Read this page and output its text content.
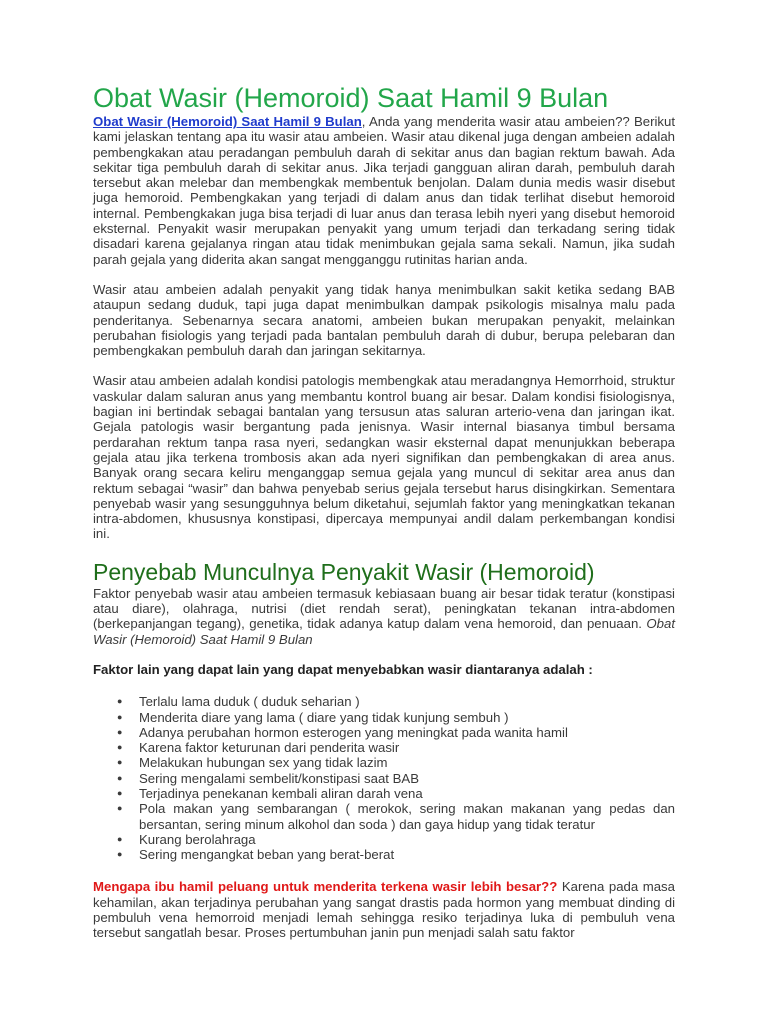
Obat Wasir (Hemoroid) Saat Hamil 9 Bulan

Obat Wasir (Hemoroid) Saat Hamil 9 Bulan, Anda yang menderita wasir atau ambeien?? Berikut kami jelaskan tentang apa itu wasir atau ambeien. Wasir atau dikenal juga dengan ambeien adalah pembengkakan atau peradangan pembuluh darah di sekitar anus dan bagian rektum bawah. Ada sekitar tiga pembuluh darah di sekitar anus. Jika terjadi gangguan aliran darah, pembuluh darah tersebut akan melebar dan membengkak membentuk benjolan. Dalam dunia medis wasir disebut juga hemoroid. Pembengkakan yang terjadi di dalam anus dan tidak terlihat disebut hemoroid internal. Pembengkakan juga bisa terjadi di luar anus dan terasa lebih nyeri yang disebut hemoroid eksternal. Penyakit wasir merupakan penyakit yang umum terjadi dan terkadang sering tidak disadari karena gejalanya ringan atau tidak menimbukan gejala sama sekali. Namun, jika sudah parah gejala yang diderita akan sangat mengganggu rutinitas harian anda.

Wasir atau ambeien adalah penyakit yang tidak hanya menimbulkan sakit ketika sedang BAB ataupun sedang duduk, tapi juga dapat menimbulkan dampak psikologis misalnya malu pada penderitanya. Sebenarnya secara anatomi, ambeien bukan merupakan penyakit, melainkan perubahan fisiologis yang terjadi pada bantalan pembuluh darah di dubur, berupa pelebaran dan pembengkakan pembuluh darah dan jaringan sekitarnya.

Wasir atau ambeien adalah kondisi patologis membengkak atau meradangnya Hemorrhoid, struktur vaskular dalam saluran anus yang membantu kontrol buang air besar. Dalam kondisi fisiologisnya, bagian ini bertindak sebagai bantalan yang tersusun atas saluran arterio-vena dan jaringan ikat. Gejala patologis wasir bergantung pada jenisnya. Wasir internal biasanya timbul bersama perdarahan rektum tanpa rasa nyeri, sedangkan wasir eksternal dapat menunjukkan beberapa gejala atau jika terkena trombosis akan ada nyeri signifikan dan pembengkakan di area anus. Banyak orang secara keliru menganggap semua gejala yang muncul di sekitar area anus dan rektum sebagai “wasir” dan bahwa penyebab serius gejala tersebut harus disingkirkan. Sementara penyebab wasir yang sesungguhnya belum diketahui, sejumlah faktor yang meningkatkan tekanan intra-abdomen, khususnya konstipasi, dipercaya mempunyai andil dalam perkembangan kondisi ini.

Penyebab Munculnya Penyakit Wasir (Hemoroid)

Faktor penyebab wasir atau ambeien termasuk kebiasaan buang air besar tidak teratur (konstipasi atau diare), olahraga, nutrisi (diet rendah serat), peningkatan tekanan intra-abdomen (berkepanjangan tegang), genetika, tidak adanya katup dalam vena hemoroid, dan penuaan. Obat Wasir (Hemoroid) Saat Hamil 9 Bulan

Faktor lain yang dapat lain yang dapat menyebabkan wasir diantaranya adalah :

● Terlalu lama duduk ( duduk seharian )
● Menderita diare yang lama ( diare yang tidak kunjung sembuh )
● Adanya perubahan hormon esterogen yang meningkat pada wanita hamil
● Karena faktor keturunan dari penderita wasir
● Melakukan hubungan sex yang tidak lazim
● Sering mengalami sembelit/konstipasi saat BAB
● Terjadinya penekanan kembali aliran darah vena
● Pola makan yang sembarangan ( merokok, sering makan makanan yang pedas dan bersantan, sering minum alkohol dan soda ) dan gaya hidup yang tidak teratur
● Kurang berolahraga
● Sering mengangkat beban yang berat-berat

Mengapa ibu hamil peluang untuk menderita terkena wasir lebih besar?? Karena pada masa kehamilan, akan terjadinya perubahan yang sangat drastis pada hormon yang membuat dinding di pembuluh vena hemorroid menjadi lemah sehingga resiko terjadinya luka di pembuluh vena tersebut sangatlah besar. Proses pertumbuhan janin pun menjadi salah satu faktor
